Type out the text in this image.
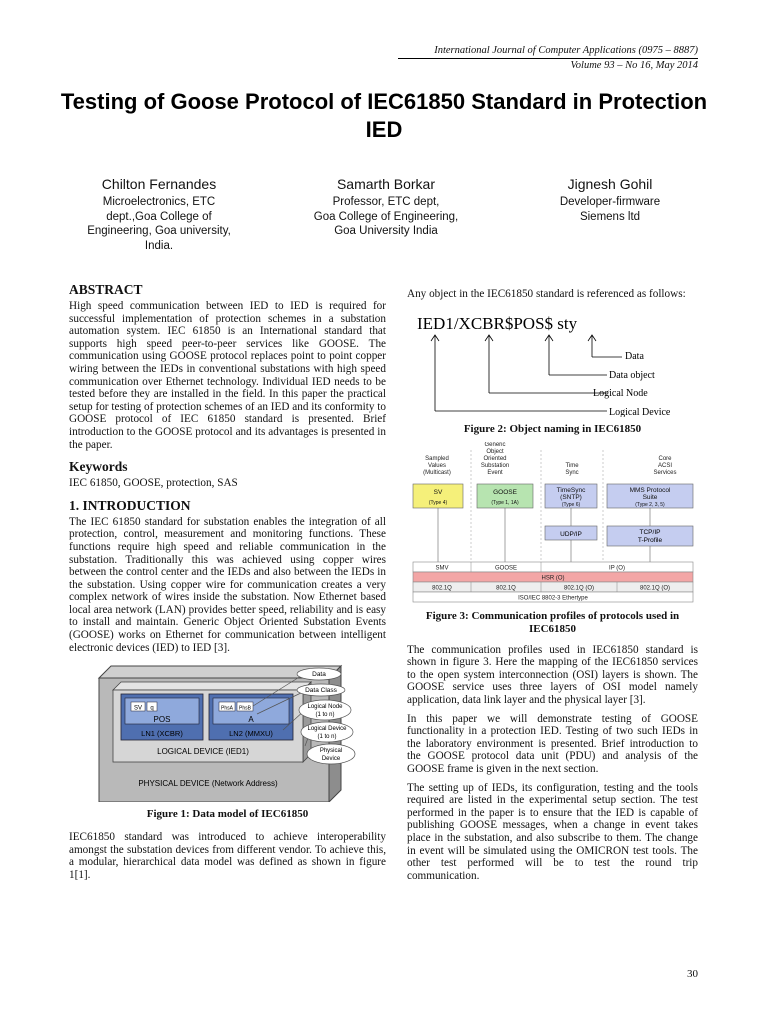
International Journal of Computer Applications (0975 – 8887)
Volume 93 – No 16, May 2014
Testing of Goose Protocol of IEC61850 Standard in Protection IED
Chilton Fernandes
Microelectronics, ETC
dept.,Goa College of
Engineering, Goa university,
India.
Samarth Borkar
Professor, ETC dept,
Goa College of Engineering,
Goa University India
Jignesh Gohil
Developer-firmware
Siemens ltd
ABSTRACT

High speed communication between IED to IED is required for successful implementation of protection schemes in a substation automation system. IEC 61850 is an International standard that supports high speed peer-to-peer services like GOOSE. The communication using GOOSE protocol replaces point to point copper wiring between the IEDs in conventional substations with high speed communication over Ethernet technology. Individual IED needs to be tested before they are installed in the field. In this paper the practical setup for testing of protection schemes of an IED and its conformity to GOOSE protocol of IEC 61850 standard is presented. Brief introduction to the GOOSE protocol and its advantages is presented in the paper.

Keywords

IEC 61850, GOOSE, protection, SAS

1. INTRODUCTION

The IEC 61850 standard for substation enables the integration of all protection, control, measurement and monitoring functions. These functions require high speed and reliable communication in the substation. Traditionally this was achieved using copper wires between the control center and the IEDs and also between the IEDs in the substation. Using copper wire for communication creates a very complex network of wires inside the substation. Now Ethernet based local area network (LAN) provides better speed, reliability and is easy to install and maintain. Generic Object Oriented Substation Events (GOOSE) works on Ethernet for communication between intelligent electronic devices (IED) to IED [3].

SV q	PhsA PhsB
POS	A
LN1 (XCBR)	LN2 (MMXU)
LOGICAL DEVICE (IED1)
PHYSICAL DEVICE (Network Address)
Data
Data Class
Logical Node
(1 to n)
Logical Device
(1 to n)
Physical
Device
Figure 1: Data model of IEC61850

IEC61850 standard was introduced to achieve interoperability amongst the substation devices from different vendor. To achieve this, a modular, hierarchical data model was defined as shown in figure 1[1].

Any object in the IEC61850 standard is referenced as follows:

IED1/XCBR$POS$ sty
Data
Data object
Logical Node
Logical Device
Figure 2: Object naming in IEC61850
Sampled
Values
(Multicast)
Generic
Object
Oriented
Substation
Event
Time
Sync
Core
ACSI
Services
SV
(Type 4)
GOOSE
(Type 1, 1A)
TimeSync
(SNTP)
(Type 6)
MMS Protocol
Suite
(Type 2, 3, 5)
UDP/IP	TCP/IP
T-Profile
SMV	GOOSE	IP (O)
HSR (O)
802.1Q	802.1Q	802.1Q (O)	802.1Q (O)
ISO/IEC 8802-3 Ethertype
Figure 3: Communication profiles of protocols used in IEC61850

The communication profiles used in IEC61850 standard is shown in figure 3. Here the mapping of the IEC61850 services to the open system interconnection (OSI) layers is shown. The GOOSE service uses three layers of OSI model namely application, data link layer and the physical layer [3].

In this paper we will demonstrate testing of GOOSE functionality in a protection IED. Testing of two such IEDs in the laboratory environment is presented. Brief introduction to the GOOSE protocol data unit (PDU) and analysis of the GOOSE frame is given in the next section.

The setting up of IEDs, its configuration, testing and the tools required are listed in the experimental setup section. The test performed in the paper is to ensure that the IED is capable of publishing GOOSE messages, when a change in event takes place in the substation, and also subscribe to them. The change in event will be simulated using the OMICRON test tools. The other test performed will be to test the round trip communication.

30
